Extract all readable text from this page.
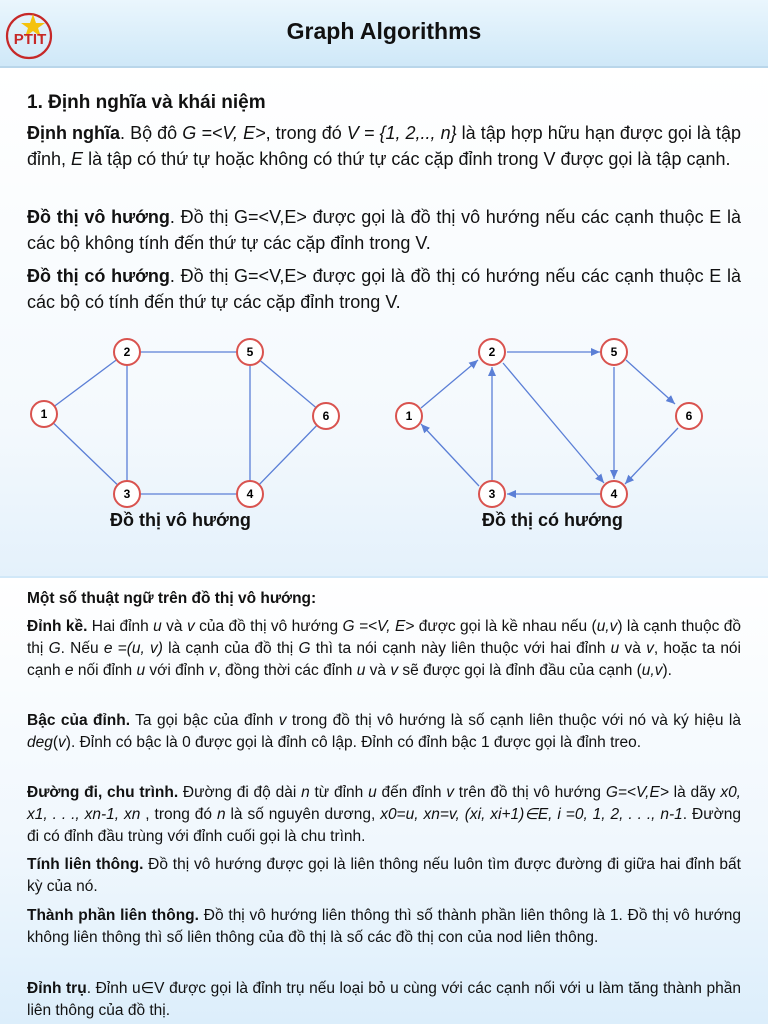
PTIT	Graph Algorithms
1. Định nghĩa và khái niệm

Định nghĩa. Bộ đô G =<V, E>, trong đó V = {1, 2,.., n} là tập hợp hữu hạn được gọi là tập đỉnh, E là tập có thứ tự hoặc không có thứ tự các cặp đỉnh trong V được gọi là tập cạnh.

Đồ thị vô hướng. Đồ thị G=<V,E> được gọi là đồ thị vô hướng nếu các cạnh thuộc E là các bộ không tính đến thứ tự các cặp đỉnh trong V.

Đồ thị có hướng. Đồ thị G=<V,E> được gọi là đồ thị có hướng nếu các cạnh thuộc E là các bộ có tính đến thứ tự các cặp đỉnh trong V.

1
2	5
6
3	4
1
2	5
6
3	4
Đồ thị vô hướng	Đồ thị có hướng

Một số thuật ngữ trên đồ thị vô hướng:

Đỉnh kề. Hai đỉnh u và v của đồ thị vô hướng G =<V, E> được gọi là kề nhau nếu (u,v) là cạnh thuộc đồ thị G. Nếu e =(u, v) là cạnh của đồ thị G thì ta nói cạnh này liên thuộc với hai đỉnh u và v, hoặc ta nói cạnh e nối đỉnh u với đỉnh v, đồng thời các đỉnh u và v sẽ được gọi là đỉnh đầu của cạnh (u,v).

Bậc của đỉnh. Ta gọi bậc của đỉnh v trong đồ thị vô hướng là số cạnh liên thuộc với nó và ký hiệu là deg(v). Đỉnh có bậc là 0 được gọi là đỉnh cô lập. Đỉnh có đỉnh bậc 1 được gọi là đỉnh treo.

Đường đi, chu trình. Đường đi độ dài n từ đỉnh u đến đỉnh v trên đồ thị vô hướng G=<V,E> là dãy x0, x1, . . ., xn-1, xn , trong đó n là số nguyên dương, x0=u, xn=v, (xi, xi+1)∈E, i =0, 1, 2, . . ., n-1. Đường đi có đỉnh đầu trùng với đỉnh cuối gọi là chu trình.

Tính liên thông. Đồ thị vô hướng được gọi là liên thông nếu luôn tìm được đường đi giữa hai đỉnh bất kỳ của nó.

Thành phần liên thông. Đồ thị vô hướng liên thông thì số thành phần liên thông là 1. Đồ thị vô hướng không liên thông thì số liên thông của đồ thị là số các đồ thị con của nod liên thông.

Đỉnh trụ. Đỉnh u∈V được gọi là đỉnh trụ nếu loại bỏ u cùng với các cạnh nối với u làm tăng thành phần liên thông của đồ thị.
